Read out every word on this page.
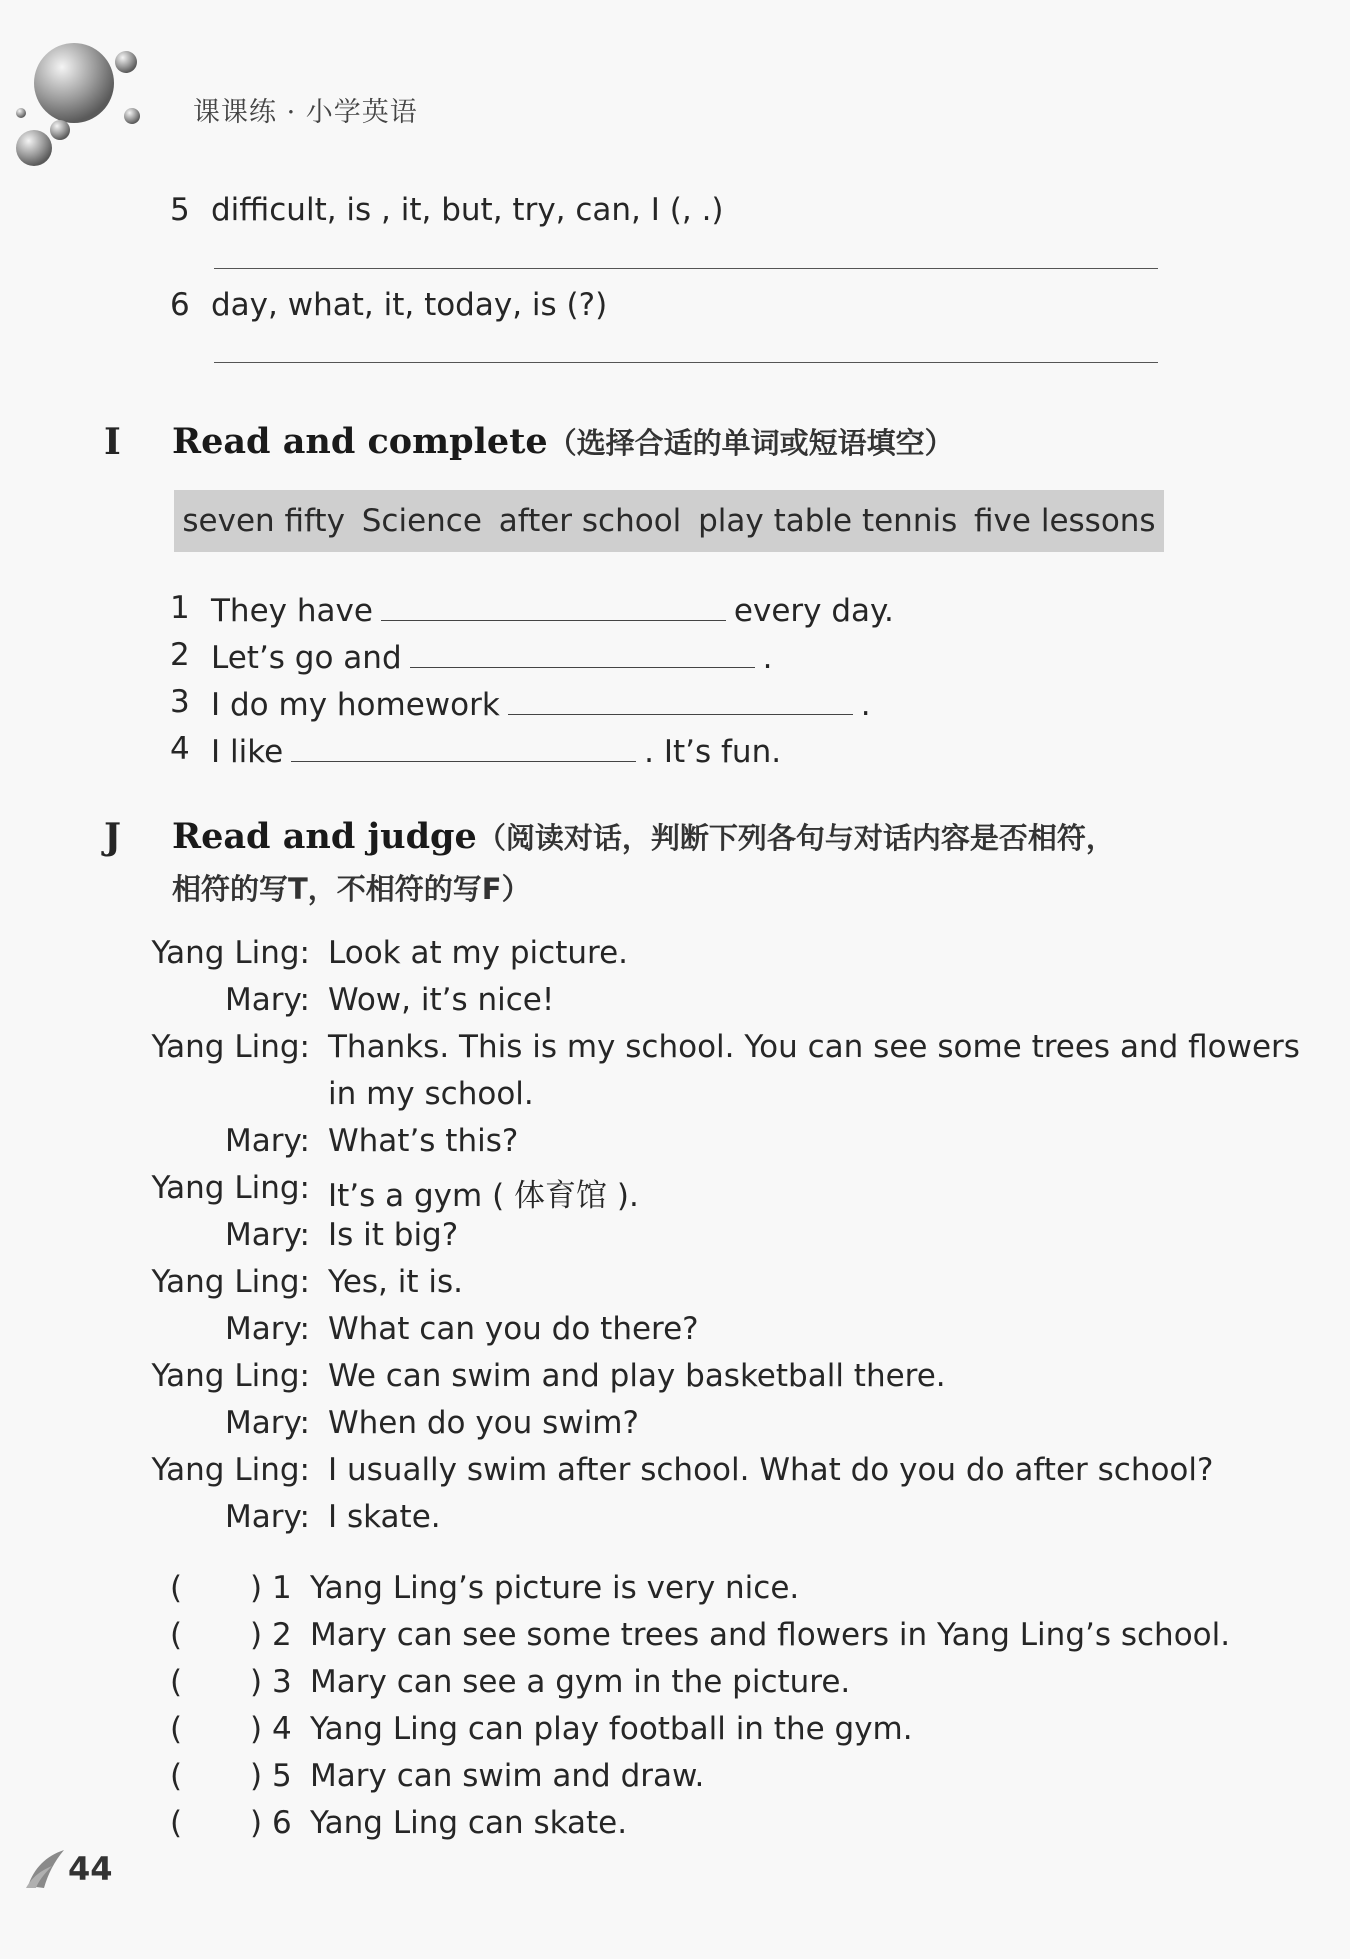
课课练 · 小学英语
5 difficult, is , it, but, try, can, I (, .)
6 day, what, it, today, is (?)
I Read and complete（选择合适的单词或短语填空）
seven fifty Science after school play table tennis five lessons
1 They have	every day.
2 Let’s go and	.
3 I do my homework	.
4 I like	. It’s fun.
J Read and judge（阅读对话，判断下列各句与对话内容是否相符，
相符的写T，不相符的写F）
Yang Ling: Look at my picture.
Mary: Wow, it’s nice!
Yang Ling: Thanks. This is my school. You can see some trees and flowers
in my school.
Mary: What’s this?
Yang Ling: It’s a gym ( 体育馆 ).
Mary: Is it big?
Yang Ling: Yes, it is.
Mary: What can you do there?
Yang Ling: We can swim and play basketball there.
Mary: When do you swim?
Yang Ling: I usually swim after school. What do you do after school?
Mary: I skate.
( ) 1 Yang Ling’s picture is very nice.
( ) 2 Mary can see some trees and flowers in Yang Ling’s school.
( ) 3 Mary can see a gym in the picture.
( ) 4 Yang Ling can play football in the gym.
( ) 5 Mary can swim and draw.
( ) 6 Yang Ling can skate.
44
